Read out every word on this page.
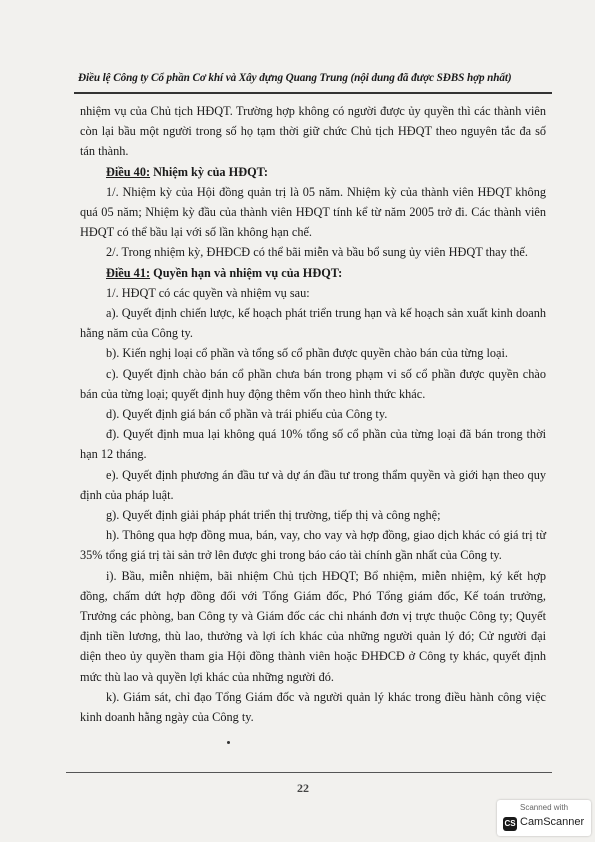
Điều lệ Công ty Cổ phần Cơ khí và Xây dựng Quang Trung (nội dung đã được SĐBS hợp nhất)

nhiệm vụ của Chủ tịch HĐQT. Trường hợp không có người được ủy quyền thì các thành viên còn lại bầu một người trong số họ tạm thời giữ chức Chủ tịch HĐQT theo nguyên tắc đa số tán thành.

Điều 40: Nhiệm kỳ của HĐQT:

1/. Nhiệm kỳ của Hội đồng quản trị là 05 năm. Nhiệm kỳ của thành viên HĐQT không quá 05 năm; Nhiệm kỳ đầu của thành viên HĐQT tính kể từ năm 2005 trở đi. Các thành viên HĐQT có thể bầu lại với số lần không hạn chế.

2/. Trong nhiệm kỳ, ĐHĐCĐ có thể bãi miễn và bầu bổ sung ủy viên HĐQT thay thế.

Điều 41: Quyền hạn và nhiệm vụ của HĐQT:

1/. HĐQT có các quyền và nhiệm vụ sau:

a). Quyết định chiến lược, kế hoạch phát triển trung hạn và kế hoạch sản xuất kinh doanh hằng năm của Công ty.

b). Kiến nghị loại cổ phần và tổng số cổ phần được quyền chào bán của từng loại.

c). Quyết định chào bán cổ phần chưa bán trong phạm vi số cổ phần được quyền chào bán của từng loại; quyết định huy động thêm vốn theo hình thức khác.

d). Quyết định giá bán cổ phần và trái phiếu của Công ty.

đ). Quyết định mua lại không quá 10% tổng số cổ phần của từng loại đã bán trong thời hạn 12 tháng.

e). Quyết định phương án đầu tư và dự án đầu tư trong thẩm quyền và giới hạn theo quy định của pháp luật.

g). Quyết định giải pháp phát triển thị trường, tiếp thị và công nghệ;

h). Thông qua hợp đồng mua, bán, vay, cho vay và hợp đồng, giao dịch khác có giá trị từ 35% tổng giá trị tài sản trở lên được ghi trong báo cáo tài chính gần nhất của Công ty.

i). Bầu, miễn nhiệm, bãi nhiệm Chủ tịch HĐQT; Bổ nhiệm, miễn nhiệm, ký kết hợp đồng, chấm dứt hợp đồng đối với Tổng Giám đốc, Phó Tổng giám đốc, Kế toán trưởng, Trưởng các phòng, ban Công ty và Giám đốc các chi nhánh đơn vị trực thuộc Công ty; Quyết định tiền lương, thù lao, thưởng và lợi ích khác của những người quản lý đó; Cử người đại diện theo ủy quyền tham gia Hội đồng thành viên hoặc ĐHĐCĐ ở Công ty khác, quyết định mức thù lao và quyền lợi khác của những người đó.

k). Giám sát, chỉ đạo Tổng Giám đốc và người quản lý khác trong điều hành công việc kinh doanh hằng ngày của Công ty.

22
Scanned with
CS CamScanner
